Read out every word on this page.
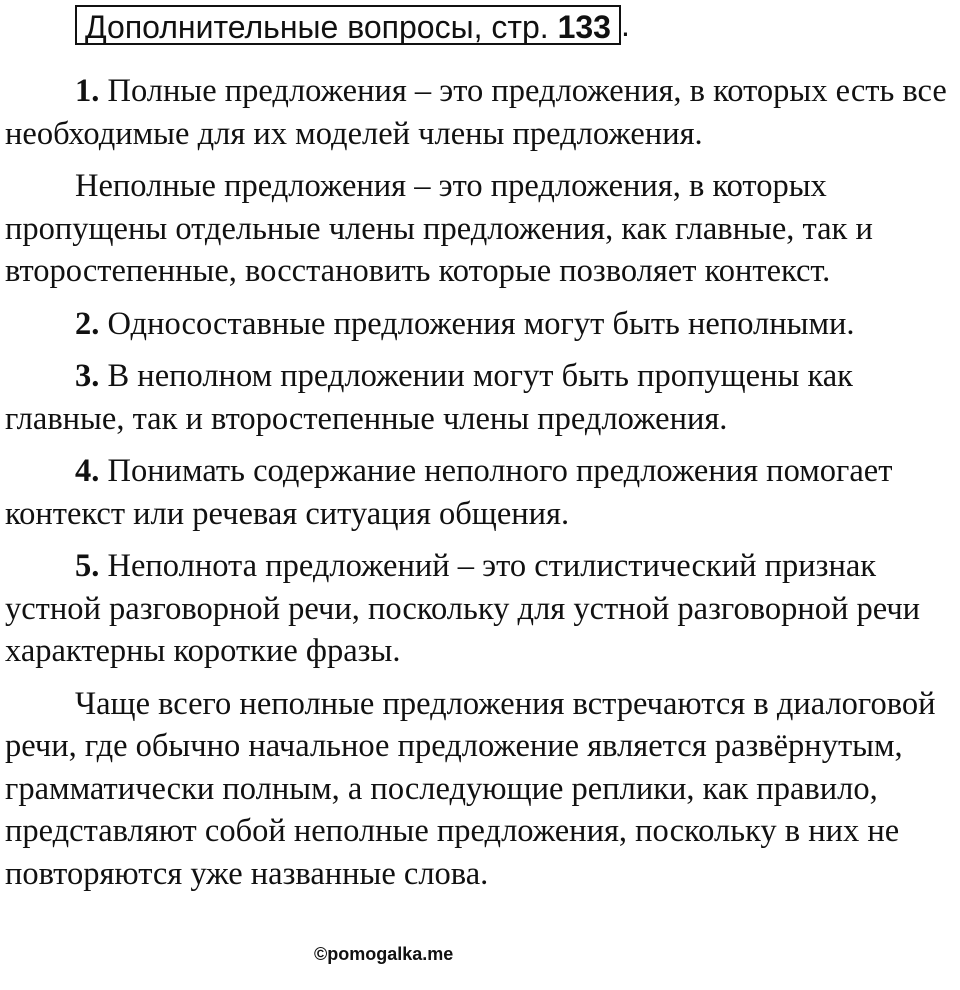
Дополнительные вопросы, стр. 133 .

1. Полные предложения – это предложения, в которых есть все необходимые для их моделей члены предложения.

Неполные предложения – это предложения, в которых пропущены отдельные члены предложения, как главные, так и второстепенные, восстановить которые позволяет контекст.

2. Односоставные предложения могут быть неполными.

3. В неполном предложении могут быть пропущены как главные, так и второстепенные члены предложения.

4. Понимать содержание неполного предложения помогает контекст или речевая ситуация общения.

5. Неполнота предложений – это стилистический признак устной разговорной речи, поскольку для устной разговорной речи характерны короткие фразы.

Чаще всего неполные предложения встречаются в диалоговой речи, где обычно начальное предложение является развёрнутым, грамматически полным, а последующие реплики, как правило, представляют собой неполные предложения, поскольку в них не повторяются уже названные слова.

©pomogalka.me
